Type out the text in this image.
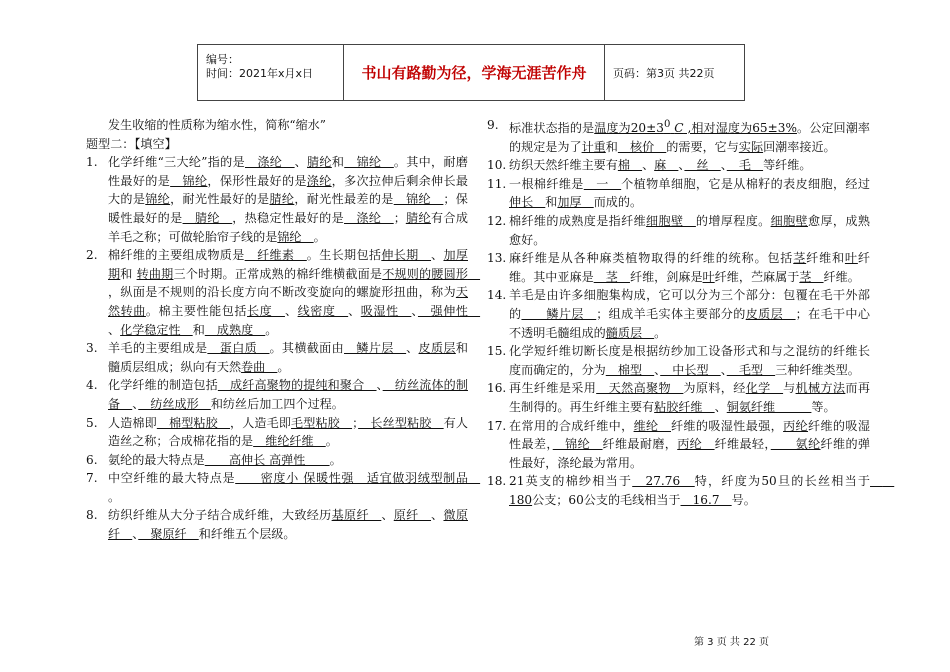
编号：
时间：2021年x月x日	书山有路勤为径，学海无涯苦作舟	页码：第3页 共22页

发生收缩的性质称为缩水性，简称“缩水”

题型二：【填空】

1. 化学纤维“三大纶”指的是　涤纶　、腈纶和　锦纶　。其中，耐磨性最好的是　锦纶，保形性最好的是涤纶，多次拉伸后剩余伸长最大的是锦纶，耐光性最好的是腈纶，耐光性最差的是　锦纶　；保暖性最好的是　腈纶　，热稳定性最好的是　涤纶　；腈纶有合成羊毛之称；可做轮胎帘子线的是锦纶　。
2. 棉纤维的主要组成物质是　纤维素　。生长期包括伸长期　、加厚期和 转曲期三个时期。正常成熟的棉纤维横截面是不规则的腰圆形　，纵面是不规则的沿长度方向不断改变旋向的螺旋形扭曲，称为天然转曲。棉主要性能包括长度　、线密度　、吸湿性　、　强伸性　、化学稳定性　和　成熟度　。
3. 羊毛的主要组成是　蛋白质　。其横截面由　鳞片层　、皮质层和髓质层组成；纵向有天然卷曲　。
4. 化学纤维的制造包括　成纤高聚物的提纯和聚合　、　纺丝流体的制备　、　纺丝成形　和纺丝后加工四个过程。
5. 人造棉即　棉型粘胶　，人造毛即毛型粘胶　；　长丝型粘胶　有人造丝之称；合成棉花指的是　维纶纤维　。
6. 氨纶的最大特点是　　高伸长 高弹性　　。
7. 中空纤维的最大特点是　　密度小 保暖性强　适宜做羽绒型制品　。
8. 纺织纤维从大分子结合成纤维，大致经历基原纤　、原纤　、微原纤　、　聚原纤　和纤维五个层级。
9. 标准状态指的是温度为$20\pm 3^0$ C ,相对湿度为65±3%。公定回潮率的规定是为了计重和　核价　的需要，它与实际回潮率接近。
10. 纺织天然纤维主要有棉　、麻　、　丝　、　毛　等纤维。
11. 一根棉纤维是　一　个植物单细胞，它是从棉籽的表皮细胞，经过伸长　和加厚　而成的。
12. 棉纤维的成熟度是指纤维细胞壁　的增厚程度。细胞壁愈厚，成熟愈好。
13. 麻纤维是从各种麻类植物取得的纤维的统称。包括茎纤维和叶纤维。其中亚麻是　茎　纤维，剑麻是叶纤维，苎麻属于茎　纤维。
14. 羊毛是由许多细胞集构成，它可以分为三个部分：包覆在毛干外部的　　鳞片层　；组成羊毛实体主要部分的皮质层　；在毛干中心不透明毛髓组成的髓质层　。
15. 化学短纤维切断长度是根据纺纱加工设备形式和与之混纺的纤维长度而确定的，分为　棉型　、　中长型　、　毛型　三种纤维类型。
16. 再生纤维是采用　天然高聚物　为原料，经化学　与机械方法而再生制得的。再生纤维主要有粘胶纤维　、铜氨纤维　　　等。
17. 在常用的合成纤维中，维纶　纤维的吸湿性最强，丙纶纤维的吸湿性最差，　锦纶　纤维最耐磨，丙纶　纤维最轻，　　氨纶纤维的弹性最好，涤纶最为常用。
18. 21英支的棉纱相当于　27.76　特，纤度为50旦的长丝相当于　　180公支；60公支的毛线相当于　16.7　号。
第 3 页 共 22 页
